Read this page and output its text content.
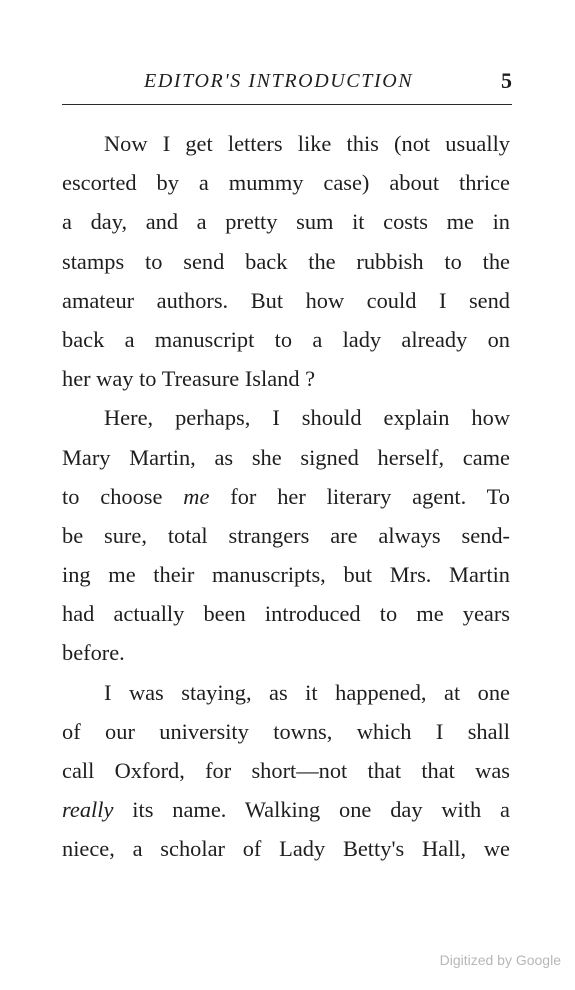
EDITOR'S INTRODUCTION	5
Now I get letters like this (not usually
escorted by a mummy case) about thrice
a day, and a pretty sum it costs me in
stamps to send back the rubbish to the
amateur authors. But how could I send
back a manuscript to a lady already on
her way to Treasure Island ?
Here, perhaps, I should explain how
Mary Martin, as she signed herself, came
to choose me for her literary agent. To
be sure, total strangers are always send-
ing me their manuscripts, but Mrs. Martin
had actually been introduced to me years
before.
I was staying, as it happened, at one
of our university towns, which I shall
call Oxford, for short—not that that was
really its name. Walking one day with a
niece, a scholar of Lady Betty's Hall, we
Digitized by Google
